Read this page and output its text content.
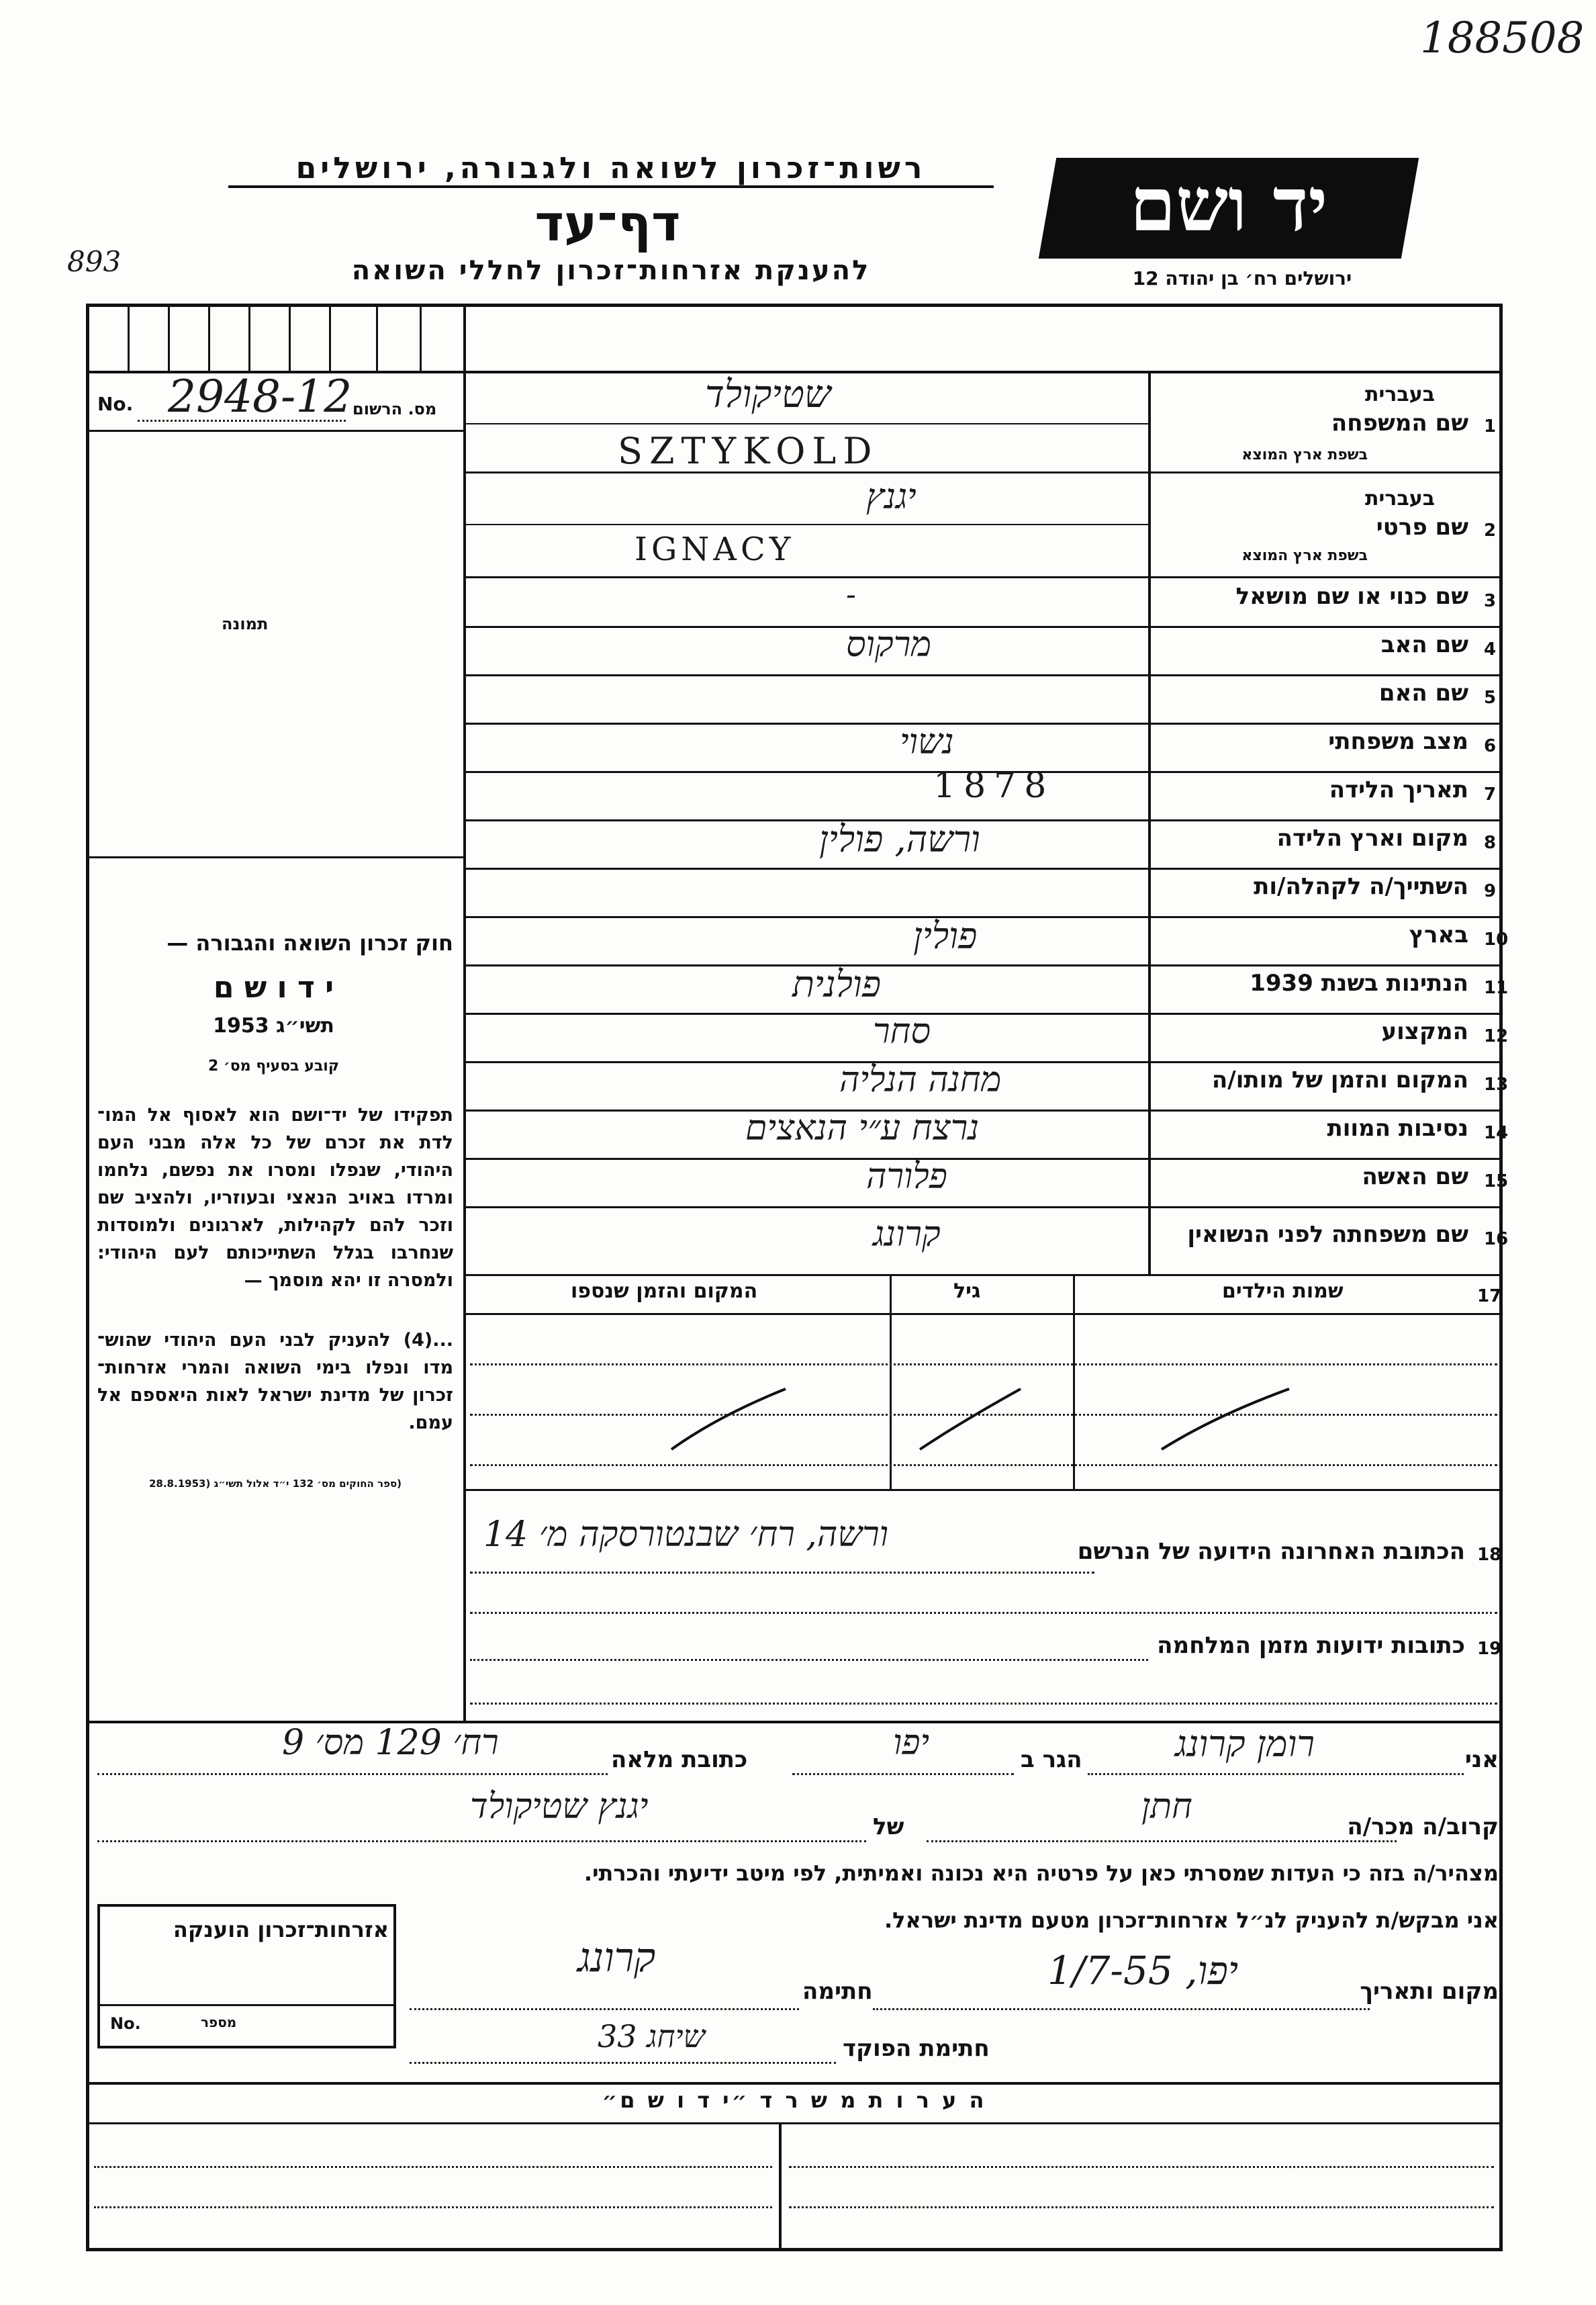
188508
893
רשות־זכרון לשואה ולגבורה, ירושלים
דף־עד
להענקת אזרחות־זכרון לחללי השואה
יד ושם
ירושלים רח׳ בן יהודה 12
No. 2948-12 מס. הרשום
תמונה
חוק זכרון השואה והגבורה —
י ד ו ש ם
תשי״ג 1953
קובע בסעיף מס׳ 2
תפקידו של יד־ושם הוא לאסוף אל המו־ לדת את זכרם של כל אלה מבני העם היהודי, שנפלו ומסרו את נפשם, נלחמו ומרדו באויב הנאצי ובעוזריו, ולהציב שם וזכר להם לקהילות, לארגונים ולמוסדות שנחרבו בגלל השתייכותם לעם היהודי: ולמסרה זו יהא מוסמך —
...(4) להעניק לבני העם היהודי שהוש־ מדו ונפלו בימי השואה והמרי אזרחות־ זכרון של מדינת ישראל לאות היאספם אל עמם.
(ספר החוקים מס׳ 132 י״ד אלול תשי״ג (28.8.1953
1
שם המשפחה
בעברית
בשפת ארץ המוצא
שטיקולד
SZTYKOLD
2
שם פרטי
בעברית
בשפת ארץ המוצא
יגנץ
IGNACY
3
שם כנוי או שם מושאל
-
4
שם האב
מרקוס
5
שם האם
6
מצב משפחתי
נשוי
7
תאריך הלידה
1878
8
מקום וארץ הלידה
ורשה, פולין
9
השתייך/ה לקהלה/ות
10
בארץ
פולין
11
הנתינות בשנת 1939
פולנית
12
המקצוע
סחר
13
המקום והזמן של מותו/ה
מחנה הנליה
14
נסיבות המוות
נרצח ע״י הנאצים
15
שם האשה
פלורה
16
שם משפחתה לפני הנשואין
קרונג
17
שמות הילדים
גיל
המקום והזמן שנספו
18
הכתובת האחרונה הידועה של הנרשם
ורשה, רח׳ שבנטורסקה מ׳ 14
19
כתובות ידועות מזמן המלחמה
אני
רומן קרונג
הגר ב
יפו
כתובת מלאה
רח׳ 129 מס׳ 9
קרוב/ה מכר/ה
חתן
של
יגנץ שטיקולד
מצהיר/ה בזה כי העדות שמסרתי כאן על פרטיה היא נכונה ואמיתית, לפי מיטב ידיעתי והכרתי.
אני מבקש/ת להעניק לנ״ל אזרחות־זכרון מטעם מדינת ישראל.
מקום ותאריך
יפו, 1/7-55
חתימה
קרונג
חתימת הפוקד
שיחג 33
אזרחות־זכרון הוענקה
No.	מספר
ה ע ר ו ת מ ש ר ד ״י ד ו ש ם״
